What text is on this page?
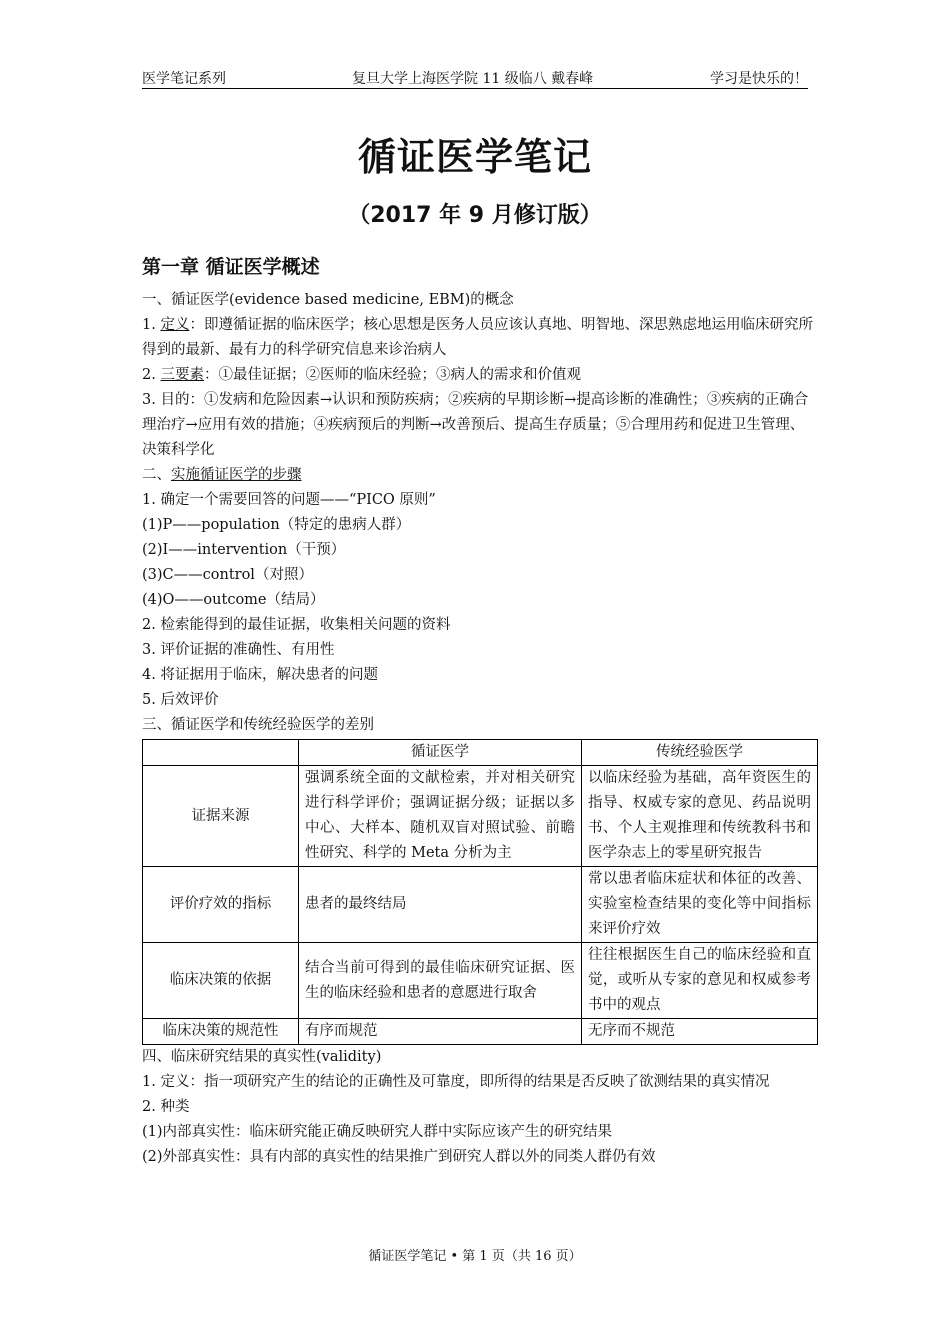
医学笔记系列	复旦大学上海医学院 11 级临八 戴春峰	学习是快乐的！
循证医学笔记
（2017 年 9 月修订版）
第一章 循证医学概述

一、循证医学(evidence based medicine, EBM)的概念

1. 定义：即遵循证据的临床医学；核心思想是医务人员应该认真地、明智地、深思熟虑地运用临床研究所得到的最新、最有力的科学研究信息来诊治病人

2. 三要素：①最佳证据；②医师的临床经验；③病人的需求和价值观

3. 目的：①发病和危险因素→认识和预防疾病；②疾病的早期诊断→提高诊断的准确性；③疾病的正确合理治疗→应用有效的措施；④疾病预后的判断→改善预后、提高生存质量；⑤合理用药和促进卫生管理、决策科学化

二、实施循证医学的步骤

1. 确定一个需要回答的问题——“PICO 原则”

(1)P——population（特定的患病人群）

(2)I——intervention（干预）

(3)C——control（对照）

(4)O——outcome（结局）

2. 检索能得到的最佳证据，收集相关问题的资料

3. 评价证据的准确性、有用性

4. 将证据用于临床，解决患者的问题

5. 后效评价

三、循证医学和传统经验医学的差别

	循证医学	传统经验医学
证据来源	强调系统全面的文献检索，并对相关研究进行科学评价；强调证据分级；证据以多中心、大样本、随机双盲对照试验、前瞻性研究、科学的 Meta 分析为主	以临床经验为基础，高年资医生的指导、权威专家的意见、药品说明书、个人主观推理和传统教科书和医学杂志上的零星研究报告
评价疗效的指标	患者的最终结局	常以患者临床症状和体征的改善、实验室检查结果的变化等中间指标来评价疗效
临床决策的依据	结合当前可得到的最佳临床研究证据、医生的临床经验和患者的意愿进行取舍	往往根据医生自己的临床经验和直觉，或听从专家的意见和权威参考书中的观点
临床决策的规范性	有序而规范	无序而不规范

四、临床研究结果的真实性(validity)

1. 定义：指一项研究产生的结论的正确性及可靠度，即所得的结果是否反映了欲测结果的真实情况

2. 种类

(1)内部真实性：临床研究能正确反映研究人群中实际应该产生的研究结果

(2)外部真实性：具有内部的真实性的结果推广到研究人群以外的同类人群仍有效

循证医学笔记 • 第 1 页（共 16 页）
